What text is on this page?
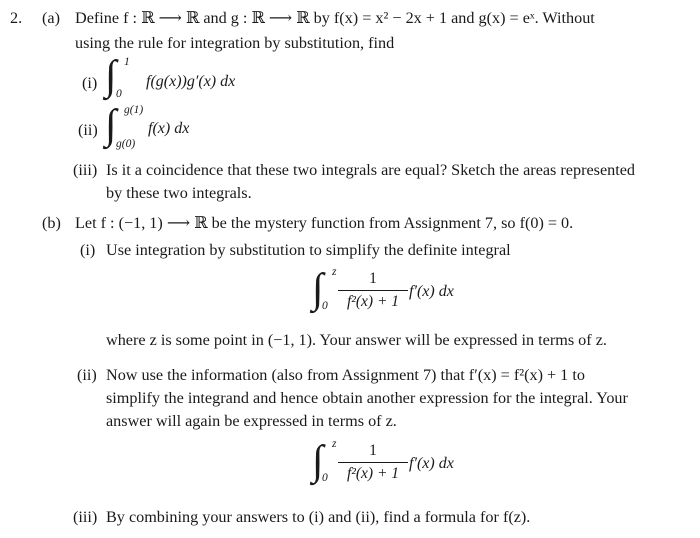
2. (a) Define f : ℝ ⟶ ℝ and g : ℝ ⟶ ℝ by f(x) = x² − 2x + 1 and g(x) = eˣ. Without
using the rule for integration by substitution, find
(i) ∫ 1
0
f(g(x))g′(x) dx
(ii) ∫ g(1)
g(0)
f(x) dx
(iii) Is it a coincidence that these two integrals are equal? Sketch the areas represented
by these two integrals.
(b) Let f : (−1, 1) ⟶ ℝ be the mystery function from Assignment 7, so f(0) = 0.
(i) Use integration by substitution to simplify the definite integral
∫ z
0
1
f²(x) + 1
f′(x) dx
where z is some point in (−1, 1). Your answer will be expressed in terms of z.
(ii) Now use the information (also from Assignment 7) that f′(x) = f²(x) + 1 to
simplify the integrand and hence obtain another expression for the integral. Your
answer will again be expressed in terms of z.
∫ z
0
1
f²(x) + 1
f′(x) dx
(iii) By combining your answers to (i) and (ii), find a formula for f(z).
